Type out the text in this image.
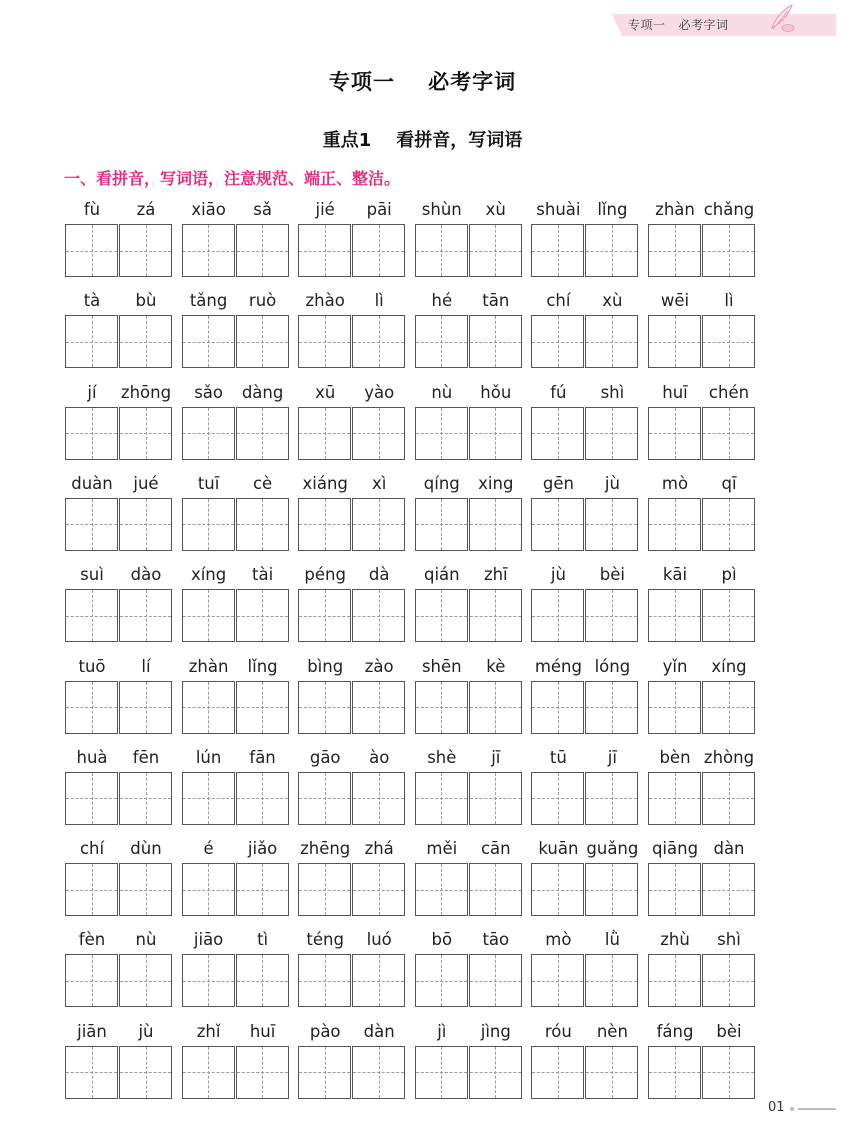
专项一   必考字词
专项一    必考字词
重点1    看拼音，写词语
一、看拼音，写词语，注意规范、端正、整洁。
fù	zá	xiāo	sǎ	jié	pāi	shùn	xù	shuài	lǐng	zhàn chǎng
tà	bù	tǎng	ruò	zhào	lì	hé	tān	chí	xù	wēi	lì
jí	zhōng	sǎo	dàng	xū	yào	nù	hǒu	fú	shì	huī	chén
duàn	jué	tuī	cè	xiáng	xì	qíng	xing	gēn	jù	mò	qī
suì	dào	xíng	tài	péng	dà	qián	zhī	jù	bèi	kāi	pì
tuō	lí	zhàn	lǐng	bìng	zào	shēn	kè	méng lóng	yǐn	xíng
huà	fēn	lún	fān	gāo	ào	shè	jī	tū	jī	bèn zhòng
chí	dùn	é	jiǎo	zhēng zhá	měi	cān	kuān guǎng qiāng dàn
fèn	nù	jiāo	tì	téng	luó	bō	tāo	mò	lǜ	zhù	shì
jiān	jù	zhǐ	huī	pào	dàn	jì	jìng	róu	nèn	fáng	bèi
01
